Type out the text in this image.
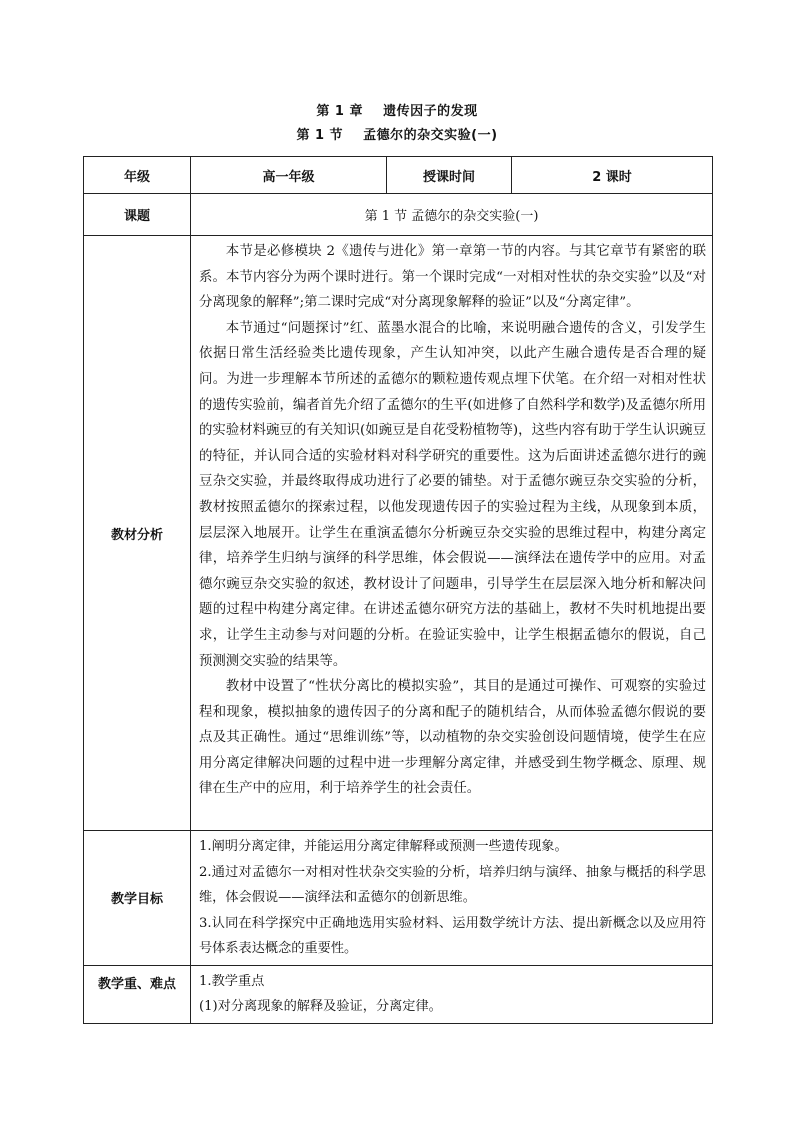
第 1 章    遗传因子的发现
第 1 节    孟德尔的杂交实验(一)
年级	高一年级	授课时间	2 课时
课题	第 1 节 孟德尔的杂交实验(一)		
教材分析	本节是必修模块 2《遗传与进化》第一章第一节的内容。与其它章节有紧密的联系。本节内容分为两个课时进行。第一个课时完成“一对相对性状的杂交实验”以及“对分离现象的解释”;第二课时完成“对分离现象解释的验证”以及“分离定律”。

本节通过“问题探讨”红、蓝墨水混合的比喻，来说明融合遗传的含义，引发学生依据日常生活经验类比遗传现象，产生认知冲突，以此产生融合遗传是否合理的疑问。为进一步理解本节所述的孟德尔的颗粒遗传观点埋下伏笔。在介绍一对相对性状的遗传实验前，编者首先介绍了孟德尔的生平(如进修了自然科学和数学)及孟德尔所用的实验材料豌豆的有关知识(如豌豆是自花受粉植物等)，这些内容有助于学生认识豌豆的特征，并认同合适的实验材料对科学研究的重要性。这为后面讲述孟德尔进行的豌豆杂交实验，并最终取得成功进行了必要的铺垫。对于孟德尔豌豆杂交实验的分析，教材按照孟德尔的探索过程，以他发现遗传因子的实验过程为主线，从现象到本质，层层深入地展开。让学生在重演孟德尔分析豌豆杂交实验的思维过程中，构建分离定律，培养学生归纳与演绎的科学思维，体会假说——演绎法在遗传学中的应用。对孟德尔豌豆杂交实验的叙述，教材设计了问题串，引导学生在层层深入地分析和解决问题的过程中构建分离定律。在讲述孟德尔研究方法的基础上，教材不失时机地提出要求，让学生主动参与对问题的分析。在验证实验中，让学生根据孟德尔的假说，自己预测测交实验的结果等。

教材中设置了“性状分离比的模拟实验”，其目的是通过可操作、可观察的实验过程和现象，模拟抽象的遗传因子的分离和配子的随机结合，从而体验孟德尔假说的要点及其正确性。通过“思维训练”等，以动植物的杂交实验创设问题情境，使学生在应用分离定律解决问题的过程中进一步理解分离定律，并感受到生物学概念、原理、规律在生产中的应用，利于培养学生的社会责任。		

教学目标	1.阐明分离定律，并能运用分离定律解释或预测一些遗传现象。

2.通过对孟德尔一对相对性状杂交实验的分析，培养归纳与演绎、抽象与概括的科学思维，体会假说——演绎法和孟德尔的创新思维。

3.认同在科学探究中正确地选用实验材料、运用数学统计方法、提出新概念以及应用符号体系表达概念的重要性。		

教学重、难点	1.教学重点

(1)对分离现象的解释及验证，分离定律。		
